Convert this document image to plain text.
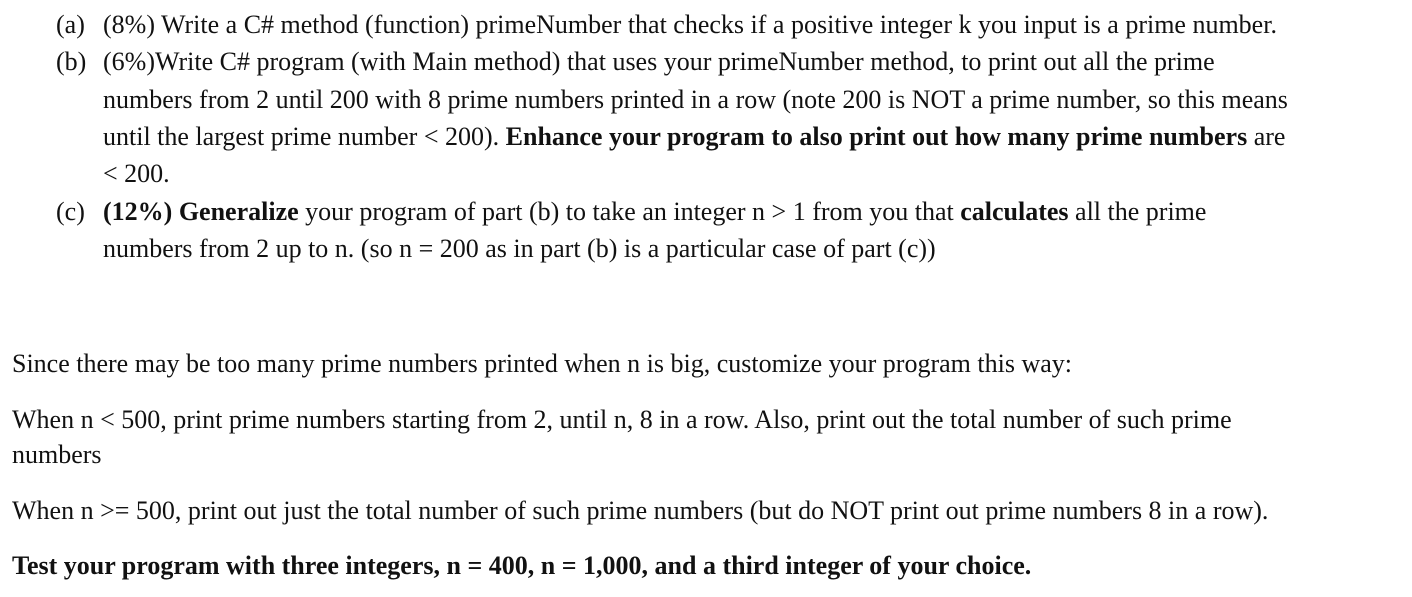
(a) (8%) Write a C# method (function) primeNumber that checks if a positive integer k you input is a prime number.
(b) (6%)Write C# program (with Main method) that uses your primeNumber method, to print out all the prime
numbers from 2 until 200 with 8 prime numbers printed in a row (note 200 is NOT a prime number, so this means
until the largest prime number < 200). Enhance your program to also print out how many prime numbers are
< 200.
(c) (12%) Generalize your program of part (b) to take an integer n > 1 from you that calculates all the prime
numbers from 2 up to n. (so n = 200 as in part (b) is a particular case of part (c))
Since there may be too many prime numbers printed when n is big, customize your program this way:
When n < 500, print prime numbers starting from 2, until n, 8 in a row. Also, print out the total number of such prime
numbers
When n >= 500, print out just the total number of such prime numbers (but do NOT print out prime numbers 8 in a row).
Test your program with three integers, n = 400, n = 1,000, and a third integer of your choice.
